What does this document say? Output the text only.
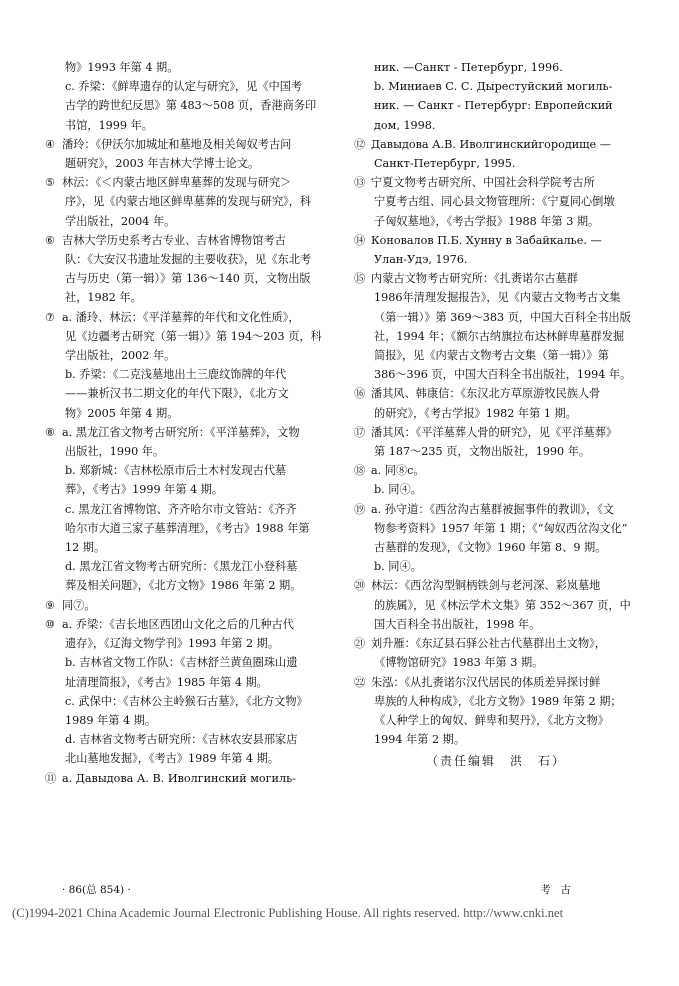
物》1993 年第 4 期。
c. 乔梁：《鲜卑遗存的认定与研究》，见《中国考
古学的跨世纪反思》第 483～508 页，香港商务印
书馆，1999 年。
④ 潘玲：《伊沃尔加城址和墓地及相关匈奴考古问
题研究》，2003 年吉林大学博士论文。
⑤ 林沄：《＜内蒙古地区鲜卑墓葬的发现与研究＞
序》，见《内蒙古地区鲜卑墓葬的发现与研究》，科
学出版社，2004 年。
⑥ 吉林大学历史系考古专业、吉林省博物馆考古
队：《大安汉书遗址发掘的主要收获》，见《东北考
古与历史（第一辑）》第 136～140 页，文物出版
社，1982 年。
⑦ a. 潘玲、林沄：《平洋墓葬的年代和文化性质》，
见《边疆考古研究（第一辑）》第 194～203 页，科
学出版社，2002 年。
b. 乔梁：《二克浅墓地出土三鹿纹饰牌的年代
——兼析汉书二期文化的年代下限》，《北方文
物》2005 年第 4 期。
⑧ a. 黑龙江省文物考古研究所：《平洋墓葬》，文物
出版社，1990 年。
b. 郑新城：《吉林松原市后土木村发现古代墓
葬》，《考古》1999 年第 4 期。
c. 黑龙江省博物馆、齐齐哈尔市文管站：《齐齐
哈尔市大道三家子墓葬清理》，《考古》1988 年第
12 期。
d. 黑龙江省文物考古研究所：《黑龙江小登科墓
葬及相关问题》，《北方文物》1986 年第 2 期。
⑨ 同⑦。
⑩ a. 乔梁：《吉长地区西团山文化之后的几种古代
遗存》，《辽海文物学刊》1993 年第 2 期。
b. 吉林省文物工作队：《吉林舒兰黄鱼圈珠山遗
址清理简报》，《考古》1985 年第 4 期。
c. 武保中：《吉林公主岭猴石古墓》，《北方文物》
1989 年第 4 期。
d. 吉林省文物考古研究所：《吉林农安县邢家店
北山墓地发掘》，《考古》1989 年第 4 期。
⑪ a. Давыдова А. В. Иволгинский могиль-
ник. —Санкт - Петербург, 1996.
b. Миниаев С. С. Дырестуйский могиль-
ник. — Санкт - Петербург: Европейский
дом, 1998.
⑫ Давыдова А.В. Иволгинскийгородище —
Санкт-Петербург, 1995.
⑬ 宁夏文物考古研究所、中国社会科学院考古所
宁夏考古组、同心县文物管理所：《宁夏同心倒墩
子匈奴墓地》，《考古学报》1988 年第 3 期。
⑭ Коновалов П.Б. Хунну в Забайкалье. —
Улан-Удэ, 1976.
⑮ 内蒙古文物考古研究所：《扎赉诺尔古墓群
1986年清理发掘报告》，见《内蒙古文物考古文集
（第一辑）》第 369～383 页，中国大百科全书出版
社，1994 年；《额尔古纳旗拉布达林鲜卑墓群发掘
简报》，见《内蒙古文物考古文集（第一辑）》第
386～396 页，中国大百科全书出版社，1994 年。
⑯ 潘其风、韩康信：《东汉北方草原游牧民族人骨
的研究》，《考古学报》1982 年第 1 期。
⑰ 潘其风：《平洋墓葬人骨的研究》，见《平洋墓葬》
第 187～235 页，文物出版社，1990 年。
⑱ a. 同⑧c。
b. 同④。
⑲ a. 孙守道：《西岔沟古墓群被掘事件的教训》，《文
物参考资料》1957 年第 1 期；《“匈奴西岔沟文化”
古墓群的发现》，《文物》1960 年第 8、9 期。
b. 同④。
⑳ 林沄：《西岔沟型铜柄铁剑与老河深、彩岚墓地
的族属》，见《林沄学术文集》第 352～367 页，中
国大百科全书出版社，1998 年。
㉑ 刘升雁：《东辽县石驿公社古代墓群出土文物》，
《博物馆研究》1983 年第 3 期。
㉒ 朱泓：《从扎赉诺尔汉代居民的体质差异探讨鲜
卑族的人种构成》，《北方文物》1989 年第 2 期；
《人种学上的匈奴、鲜卑和契丹》，《北方文物》
1994 年第 2 期。
（责任编辑　洪　石）
· 86(总 854) ·	考古
(C)1994-2021 China Academic Journal Electronic Publishing House. All rights reserved. http://www.cnki.net
